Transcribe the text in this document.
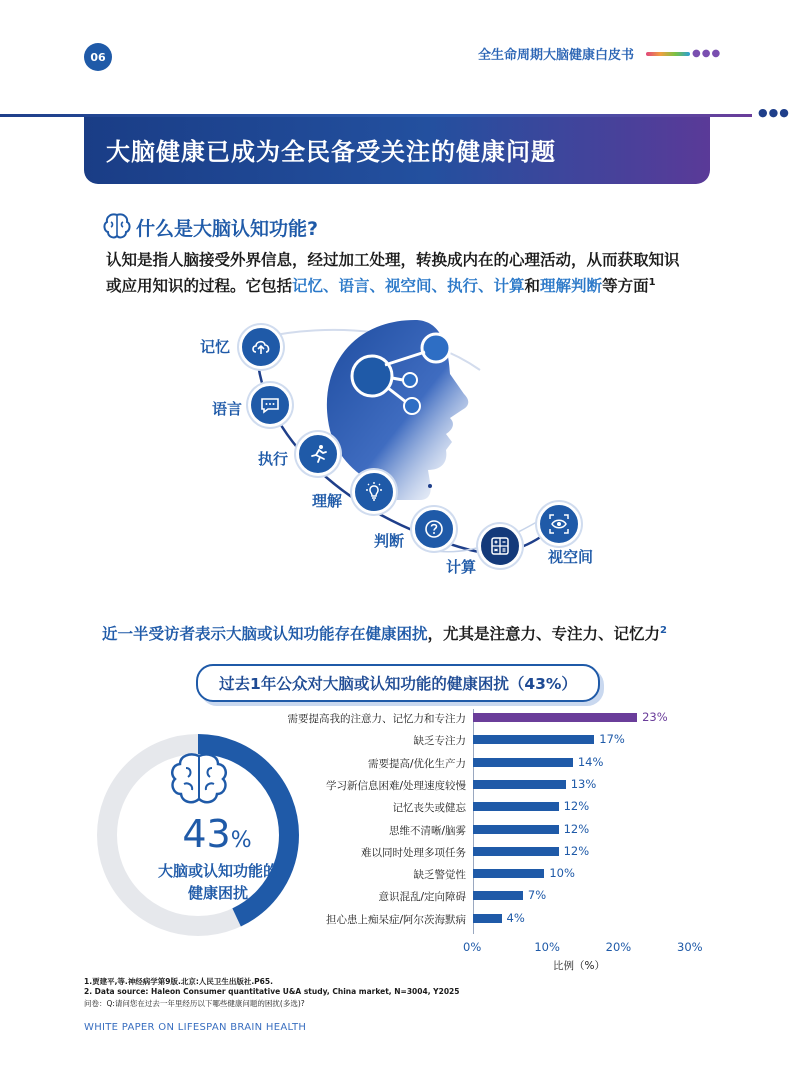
06	全生命周期大脑健康白皮书	●●●
●●●
大脑健康已成为全民备受关注的健康问题
什么是大脑认知功能?
认知是指人脑接受外界信息，经过加工处理，转换成内在的心理活动，从而获取知识
或应用知识的过程。它包括记忆、语言、视空间、执行、计算和理解判断等方面$^1$
记忆
语言
执行
理解
判断
计算
视空间
近一半受访者表示大脑或认知功能存在健康困扰，尤其是注意力、专注力、记忆力$^2$
过去1年公众对大脑或认知功能的健康困扰（43%）
43%
大脑或认知功能的
健康困扰
需要提高我的注意力、记忆力和专注力	23%
缺乏专注力	17%
需要提高/优化生产力	14%
学习新信息困难/处理速度较慢	13%
记忆丧失或健忘	12%
思维不清晰/脑雾	12%
难以同时处理多项任务	12%
缺乏警觉性	10%
意识混乱/定向障碍	7%
担心患上痴呆症/阿尔茨海默病	4%
0%	10%	20%	30%
比例（%）
1.贾建平,等.神经病学第9版.北京:人民卫生出版社.P65.
2. Data source: Haleon Consumer quantitative U&A study, China market, N=3004, Y2025
问卷：Q:请问您在过去一年里经历以下哪些健康问题的困扰(多选)?
WHITE PAPER ON LIFESPAN BRAIN HEALTH
